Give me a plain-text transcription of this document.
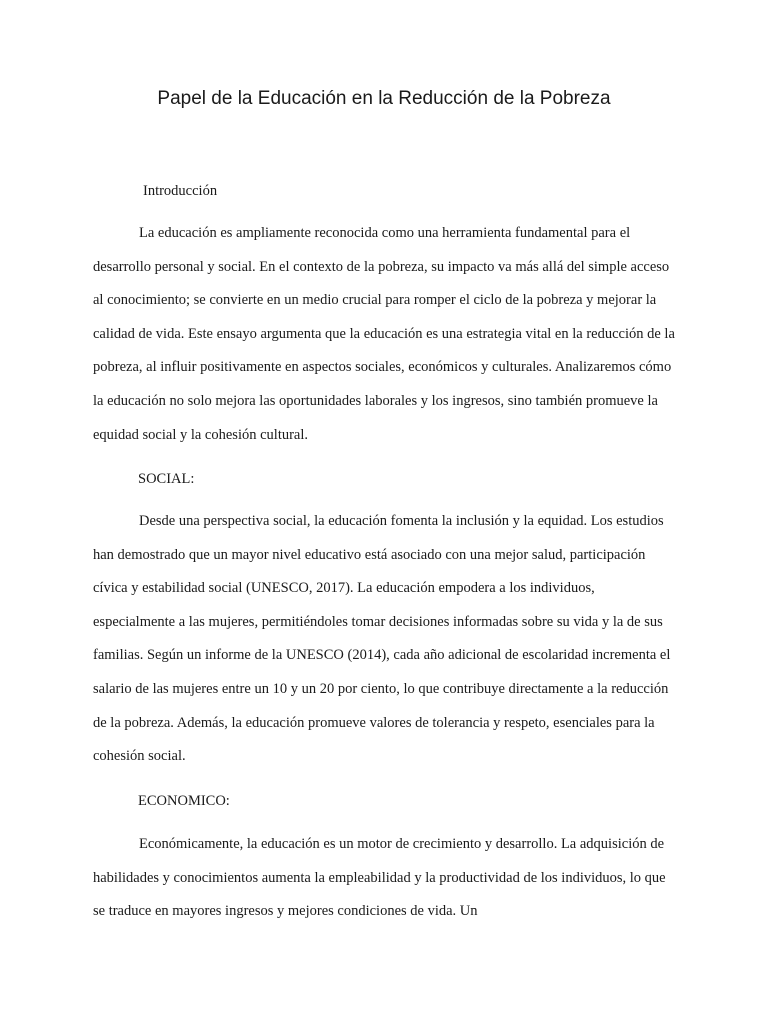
Papel de la Educación en la Reducción de la Pobreza

Introducción

La educación es ampliamente reconocida como una herramienta fundamental para el desarrollo personal y social. En el contexto de la pobreza, su impacto va más allá del simple acceso al conocimiento; se convierte en un medio crucial para romper el ciclo de la pobreza y mejorar la calidad de vida. Este ensayo argumenta que la educación es una estrategia vital en la reducción de la pobreza, al influir positivamente en aspectos sociales, económicos y culturales. Analizaremos cómo la educación no solo mejora las oportunidades laborales y los ingresos, sino también promueve la equidad social y la cohesión cultural.

SOCIAL:

Desde una perspectiva social, la educación fomenta la inclusión y la equidad. Los estudios han demostrado que un mayor nivel educativo está asociado con una mejor salud, participación cívica y estabilidad social (UNESCO, 2017). La educación empodera a los individuos, especialmente a las mujeres, permitiéndoles tomar decisiones informadas sobre su vida y la de sus familias. Según un informe de la UNESCO (2014), cada año adicional de escolaridad incrementa el salario de las mujeres entre un 10 y un 20 por ciento, lo que contribuye directamente a la reducción de la pobreza. Además, la educación promueve valores de tolerancia y respeto, esenciales para la cohesión social.

ECONOMICO:

Económicamente, la educación es un motor de crecimiento y desarrollo. La adquisición de habilidades y conocimientos aumenta la empleabilidad y la productividad de los individuos, lo que se traduce en mayores ingresos y mejores condiciones de vida. Un
